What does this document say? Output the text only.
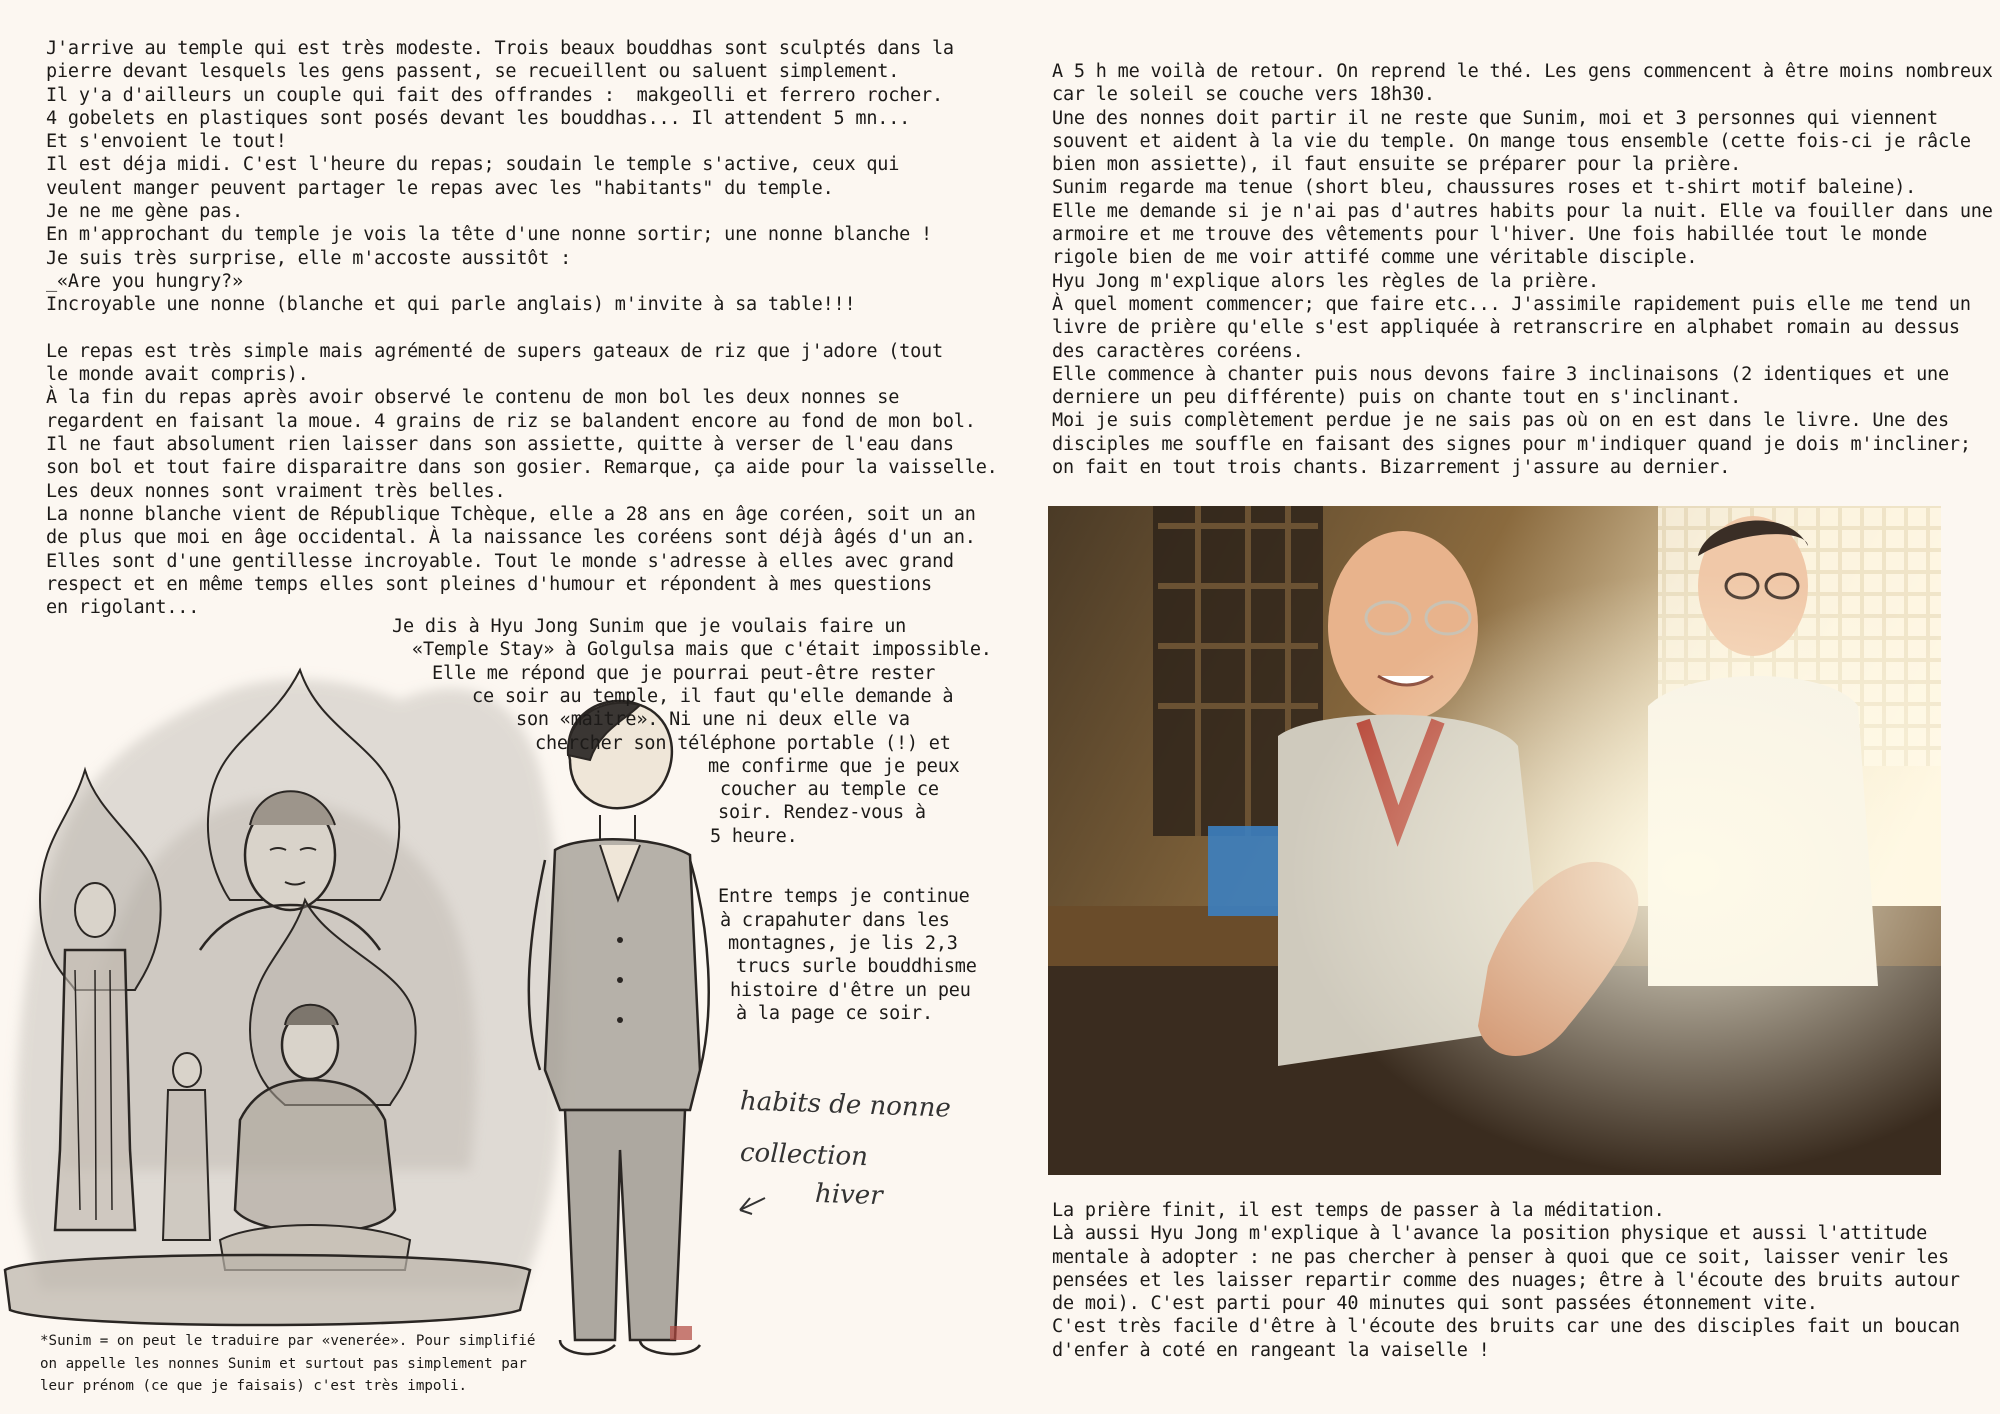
J'arrive au temple qui est très modeste. Trois beaux bouddhas sont sculptés dans la

pierre devant lesquels les gens passent, se recueillent ou saluent simplement.

Il y'a d'ailleurs un couple qui fait des offrandes :  makgeolli et ferrero rocher.

4 gobelets en plastiques sont posés devant les bouddhas... Il attendent 5 mn...

Et s'envoient le tout!

Il est déja midi. C'est l'heure du repas; soudain le temple s'active, ceux qui

veulent manger peuvent partager le repas avec les "habitants" du temple.

Je ne me gène pas.

En m'approchant du temple je vois la tête d'une nonne sortir; une nonne blanche !

Je suis très surprise, elle m'accoste aussitôt :

_«Are you hungry?»

Incroyable une nonne (blanche et qui parle anglais) m'invite à sa table!!!

Le repas est très simple mais agrémenté de supers gateaux de riz que j'adore (tout

le monde avait compris).

À la fin du repas après avoir observé le contenu de mon bol les deux nonnes se

regardent en faisant la moue. 4 grains de riz se balandent encore au fond de mon bol.

Il ne faut absolument rien laisser dans son assiette, quitte à verser de l'eau dans

son bol et tout faire disparaitre dans son gosier. Remarque, ça aide pour la vaisselle.

Les deux nonnes sont vraiment très belles.

La nonne blanche vient de République Tchèque, elle a 28 ans en âge coréen, soit un an

de plus que moi en âge occidental. À la naissance les coréens sont déjà âgés d'un an.

Elles sont d'une gentillesse incroyable. Tout le monde s'adresse à elles avec grand

respect et en même temps elles sont pleines d'humour et répondent à mes questions

en rigolant...

Je dis à Hyu Jong Sunim que je voulais faire un

«Temple Stay» à Golgulsa mais que c'était impossible.

Elle me répond que je pourrai peut-être rester

ce soir au temple, il faut qu'elle demande à

son «maitre». Ni une ni deux elle va

chercher son téléphone portable (!) et

me confirme que je peux

coucher au temple ce

soir. Rendez-vous à

5 heure.

Entre temps je continue

à crapahuter dans les

montagnes, je lis 2,3

trucs surle bouddhisme

histoire d'être un peu

à la page ce soir.

habits de nonne
collection
hiver

*Sunim = on peut le traduire par «venerée». Pour simplifié

on appelle les nonnes Sunim et surtout pas simplement par

leur prénom (ce que je faisais) c'est très impoli.

A 5 h me voilà de retour. On reprend le thé. Les gens commencent à être moins nombreux

car le soleil se couche vers 18h30.

Une des nonnes doit partir il ne reste que Sunim, moi et 3 personnes qui viennent

souvent et aident à la vie du temple. On mange tous ensemble (cette fois-ci je râcle

bien mon assiette), il faut ensuite se préparer pour la prière.

Sunim regarde ma tenue (short bleu, chaussures roses et t-shirt motif baleine).

Elle me demande si je n'ai pas d'autres habits pour la nuit. Elle va fouiller dans une

armoire et me trouve des vêtements pour l'hiver. Une fois habillée tout le monde

rigole bien de me voir attifé comme une véritable disciple.

Hyu Jong m'explique alors les règles de la prière.

À quel moment commencer; que faire etc... J'assimile rapidement puis elle me tend un

livre de prière qu'elle s'est appliquée à retranscrire en alphabet romain au dessus

des caractères coréens.

Elle commence à chanter puis nous devons faire 3 inclinaisons (2 identiques et une

derniere un peu différente) puis on chante tout en s'inclinant.

Moi je suis complètement perdue je ne sais pas où on en est dans le livre. Une des

disciples me souffle en faisant des signes pour m'indiquer quand je dois m'incliner;

on fait en tout trois chants. Bizarrement j'assure au dernier.

La prière finit, il est temps de passer à la méditation.

Là aussi Hyu Jong m'explique à l'avance la position physique et aussi l'attitude

mentale à adopter : ne pas chercher à penser à quoi que ce soit, laisser venir les

pensées et les laisser repartir comme des nuages; être à l'écoute des bruits autour

de moi). C'est parti pour 40 minutes qui sont passées étonnement vite.

C'est très facile d'être à l'écoute des bruits car une des disciples fait un boucan

d'enfer à coté en rangeant la vaiselle !
